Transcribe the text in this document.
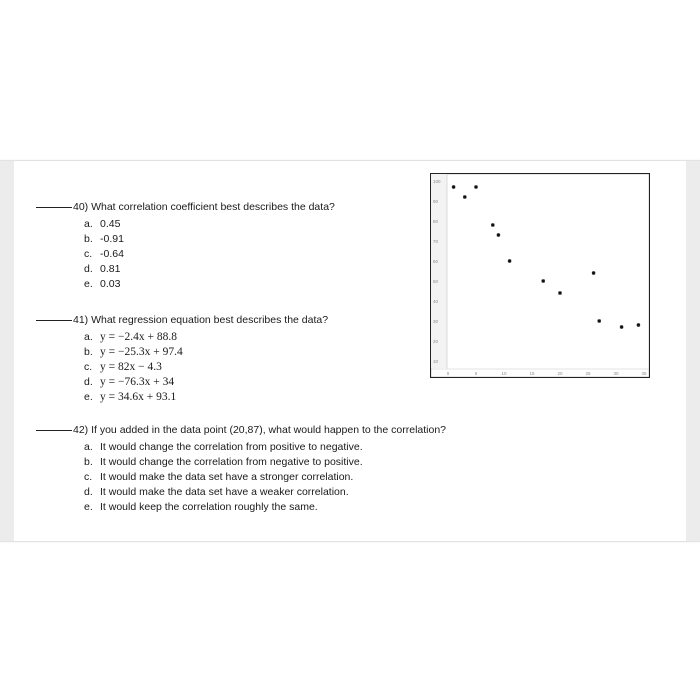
40) What correlation coefficient best describes the data?
a. 0.45
b. -0.91
c. -0.64
d. 0.81
e. 0.03
41) What regression equation best describes the data?
a. y = −2.4x + 88.8
b. y = −25.3x + 97.4
c. y = 82x − 4.3
d. y = −76.3x + 34
e. y = 34.6x + 93.1
42) If you added in the data point (20,87), what would happen to the correlation?
a. It would change the correlation from positive to negative.
b. It would change the correlation from negative to positive.
c. It would make the data set have a stronger correlation.
d. It would make the data set have a weaker correlation.
e. It would keep the correlation roughly the same.
10
20
30
40
50
60
70
80
90
100
0	5	10	15	20	25	30	35
